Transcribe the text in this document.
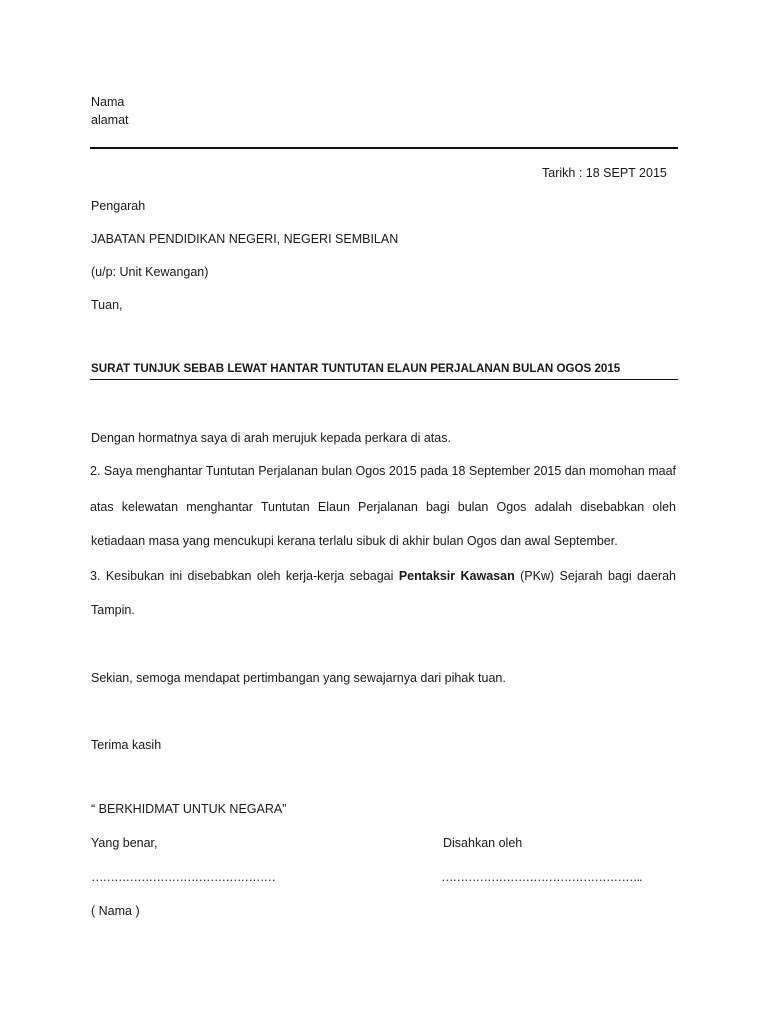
Nama
alamat
Tarikh : 18 SEPT 2015
Pengarah
JABATAN PENDIDIKAN NEGERI, NEGERI SEMBILAN
(u/p: Unit Kewangan)
Tuan,
SURAT TUNJUK SEBAB LEWAT HANTAR TUNTUTAN ELAUN PERJALANAN BULAN OGOS 2015
Dengan hormatnya saya di arah merujuk kepada perkara di atas.
2. Saya menghantar Tuntutan Perjalanan bulan Ogos 2015 pada 18 September 2015 dan momohan maaf
atas kelewatan menghantar Tuntutan Elaun Perjalanan bagi bulan Ogos adalah disebabkan oleh
ketiadaan masa yang mencukupi kerana terlalu sibuk di akhir bulan Ogos dan awal September.
3. Kesibukan ini disebabkan oleh kerja-kerja sebagai Pentaksir Kawasan (PKw) Sejarah bagi daerah
Tampin.
Sekian, semoga mendapat pertimbangan yang sewajarnya dari pihak tuan.
Terima kasih
“ BERKHIDMAT UNTUK NEGARA”
Yang benar,	Disahkan oleh
…………………………………………	……………………………………………..
( Nama )
